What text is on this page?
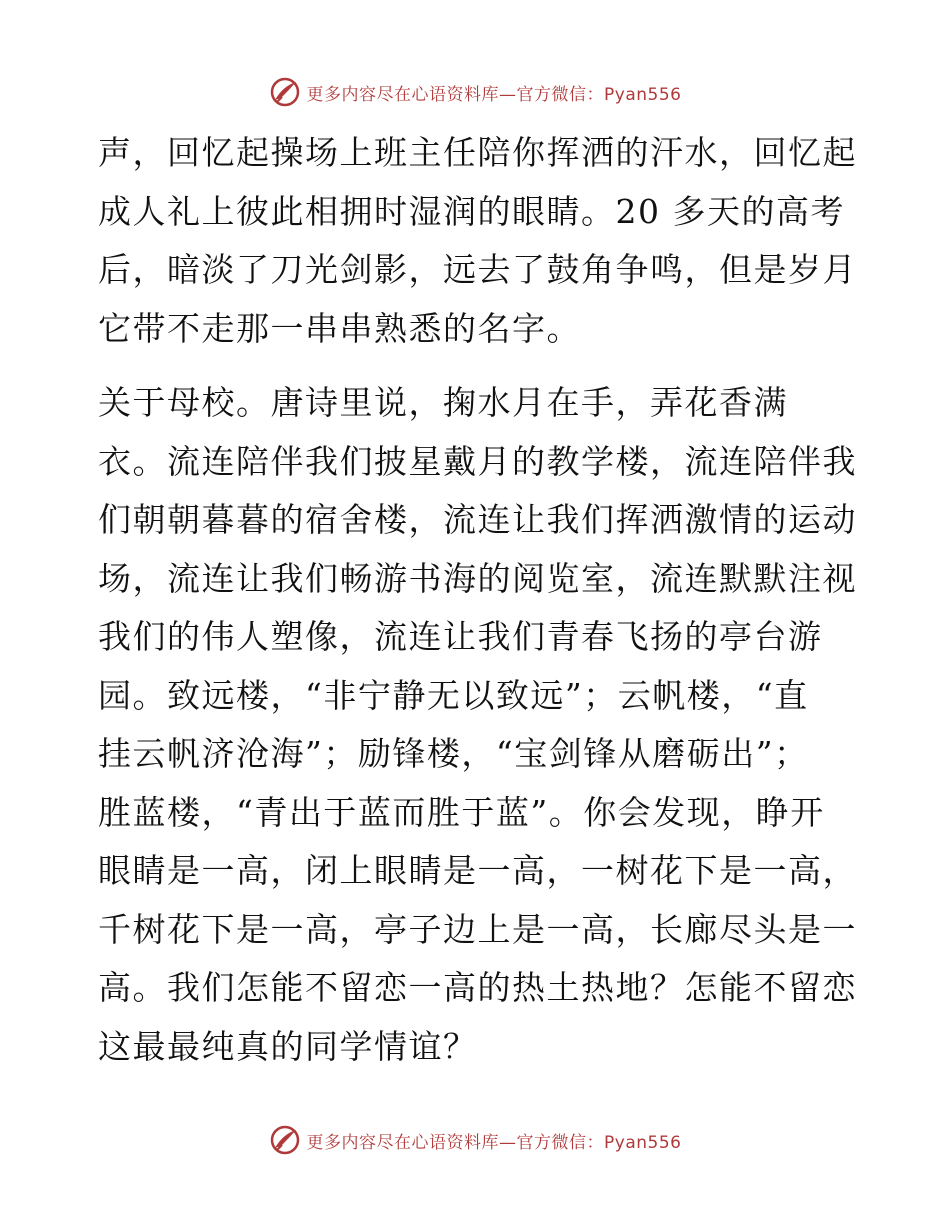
更多内容尽在心语资料库—官方微信：Pyan556

声，回忆起操场上班主任陪你挥洒的汗水，回忆起
成人礼上彼此相拥时湿润的眼睛。20 多天的高考
后，暗淡了刀光剑影，远去了鼓角争鸣，但是岁月
它带不走那一串串熟悉的名字。

关于母校。唐诗里说，掬水月在手，弄花香满
衣。流连陪伴我们披星戴月的教学楼，流连陪伴我
们朝朝暮暮的宿舍楼，流连让我们挥洒激情的运动
场，流连让我们畅游书海的阅览室，流连默默注视
我们的伟人塑像，流连让我们青春飞扬的亭台游
园。致远楼，“非宁静无以致远”；云帆楼，“直
挂云帆济沧海”；励锋楼，“宝剑锋从磨砺出”；
胜蓝楼，“青出于蓝而胜于蓝”。你会发现，睁开
眼睛是一高，闭上眼睛是一高，一树花下是一高，
千树花下是一高，亭子边上是一高，长廊尽头是一
高。我们怎能不留恋一高的热土热地？怎能不留恋
这最最纯真的同学情谊？

更多内容尽在心语资料库—官方微信：Pyan556
